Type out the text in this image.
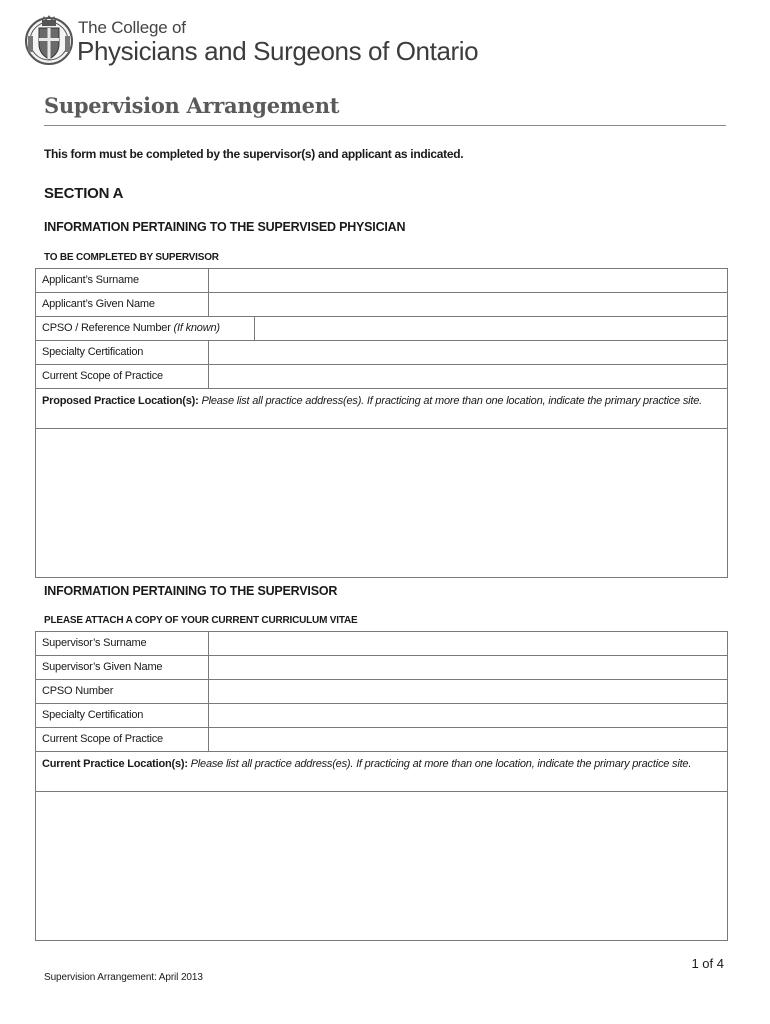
The College of
Physicians and Surgeons of Ontario
Supervision Arrangement
This form must be completed by the supervisor(s) and applicant as indicated.
SECTION A
INFORMATION PERTAINING TO THE SUPERVISED PHYSICIAN
TO BE COMPLETED BY SUPERVISOR
Applicant’s Surname
Applicant’s Given Name
CPSO / Reference Number (If known)
Specialty Certification
Current Scope of Practice
Proposed Practice Location(s): Please list all practice address(es). If practicing at more than one location, indicate the primary practice site.
INFORMATION PERTAINING TO THE SUPERVISOR
PLEASE ATTACH A COPY OF YOUR CURRENT CURRICULUM VITAE
Supervisor’s Surname
Supervisor’s Given Name
CPSO Number
Specialty Certification
Current Scope of Practice
Current Practice Location(s): Please list all practice address(es). If practicing at more than one location, indicate the primary practice site.
1 of 4
Supervision Arrangement: April 2013
